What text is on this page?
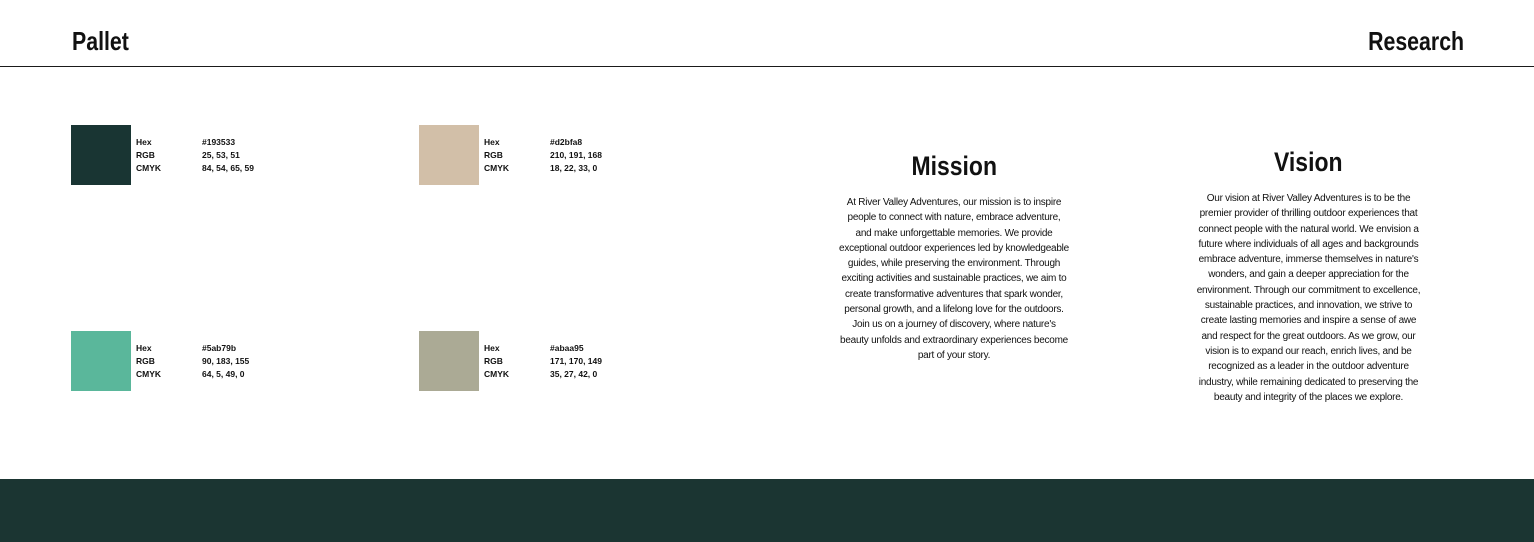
Pallet	Research
Hex	#193533
RGB	25, 53, 51
CMYK	84, 54, 65, 59
Hex	#d2bfa8
RGB	210, 191, 168
CMYK	18, 22, 33, 0
Hex	#5ab79b
RGB	90, 183, 155
CMYK	64, 5, 49, 0
Hex	#abaa95
RGB	171, 170, 149
CMYK	35, 27, 42, 0
Mission
At River Valley Adventures, our mission is to inspire people to connect with nature, embrace adventure, and make unforgettable memories. We provide exceptional outdoor experiences led by knowledgeable guides, while preserving the environment. Through exciting activities and sustainable practices, we aim to create transformative adventures that spark wonder, personal growth, and a lifelong love for the outdoors. Join us on a journey of discovery, where nature's beauty unfolds and extraordinary experiences become part of your story.
Vision
Our vision at River Valley Adventures is to be the premier provider of thrilling outdoor experiences that connect people with the natural world. We envision a future where individuals of all ages and backgrounds embrace adventure, immerse themselves in nature's wonders, and gain a deeper appreciation for the environment. Through our commitment to excellence, sustainable practices, and innovation, we strive to create lasting memories and inspire a sense of awe and respect for the great outdoors. As we grow, our vision is to expand our reach, enrich lives, and be recognized as a leader in the outdoor adventure industry, while remaining dedicated to preserving the beauty and integrity of the places we explore.
